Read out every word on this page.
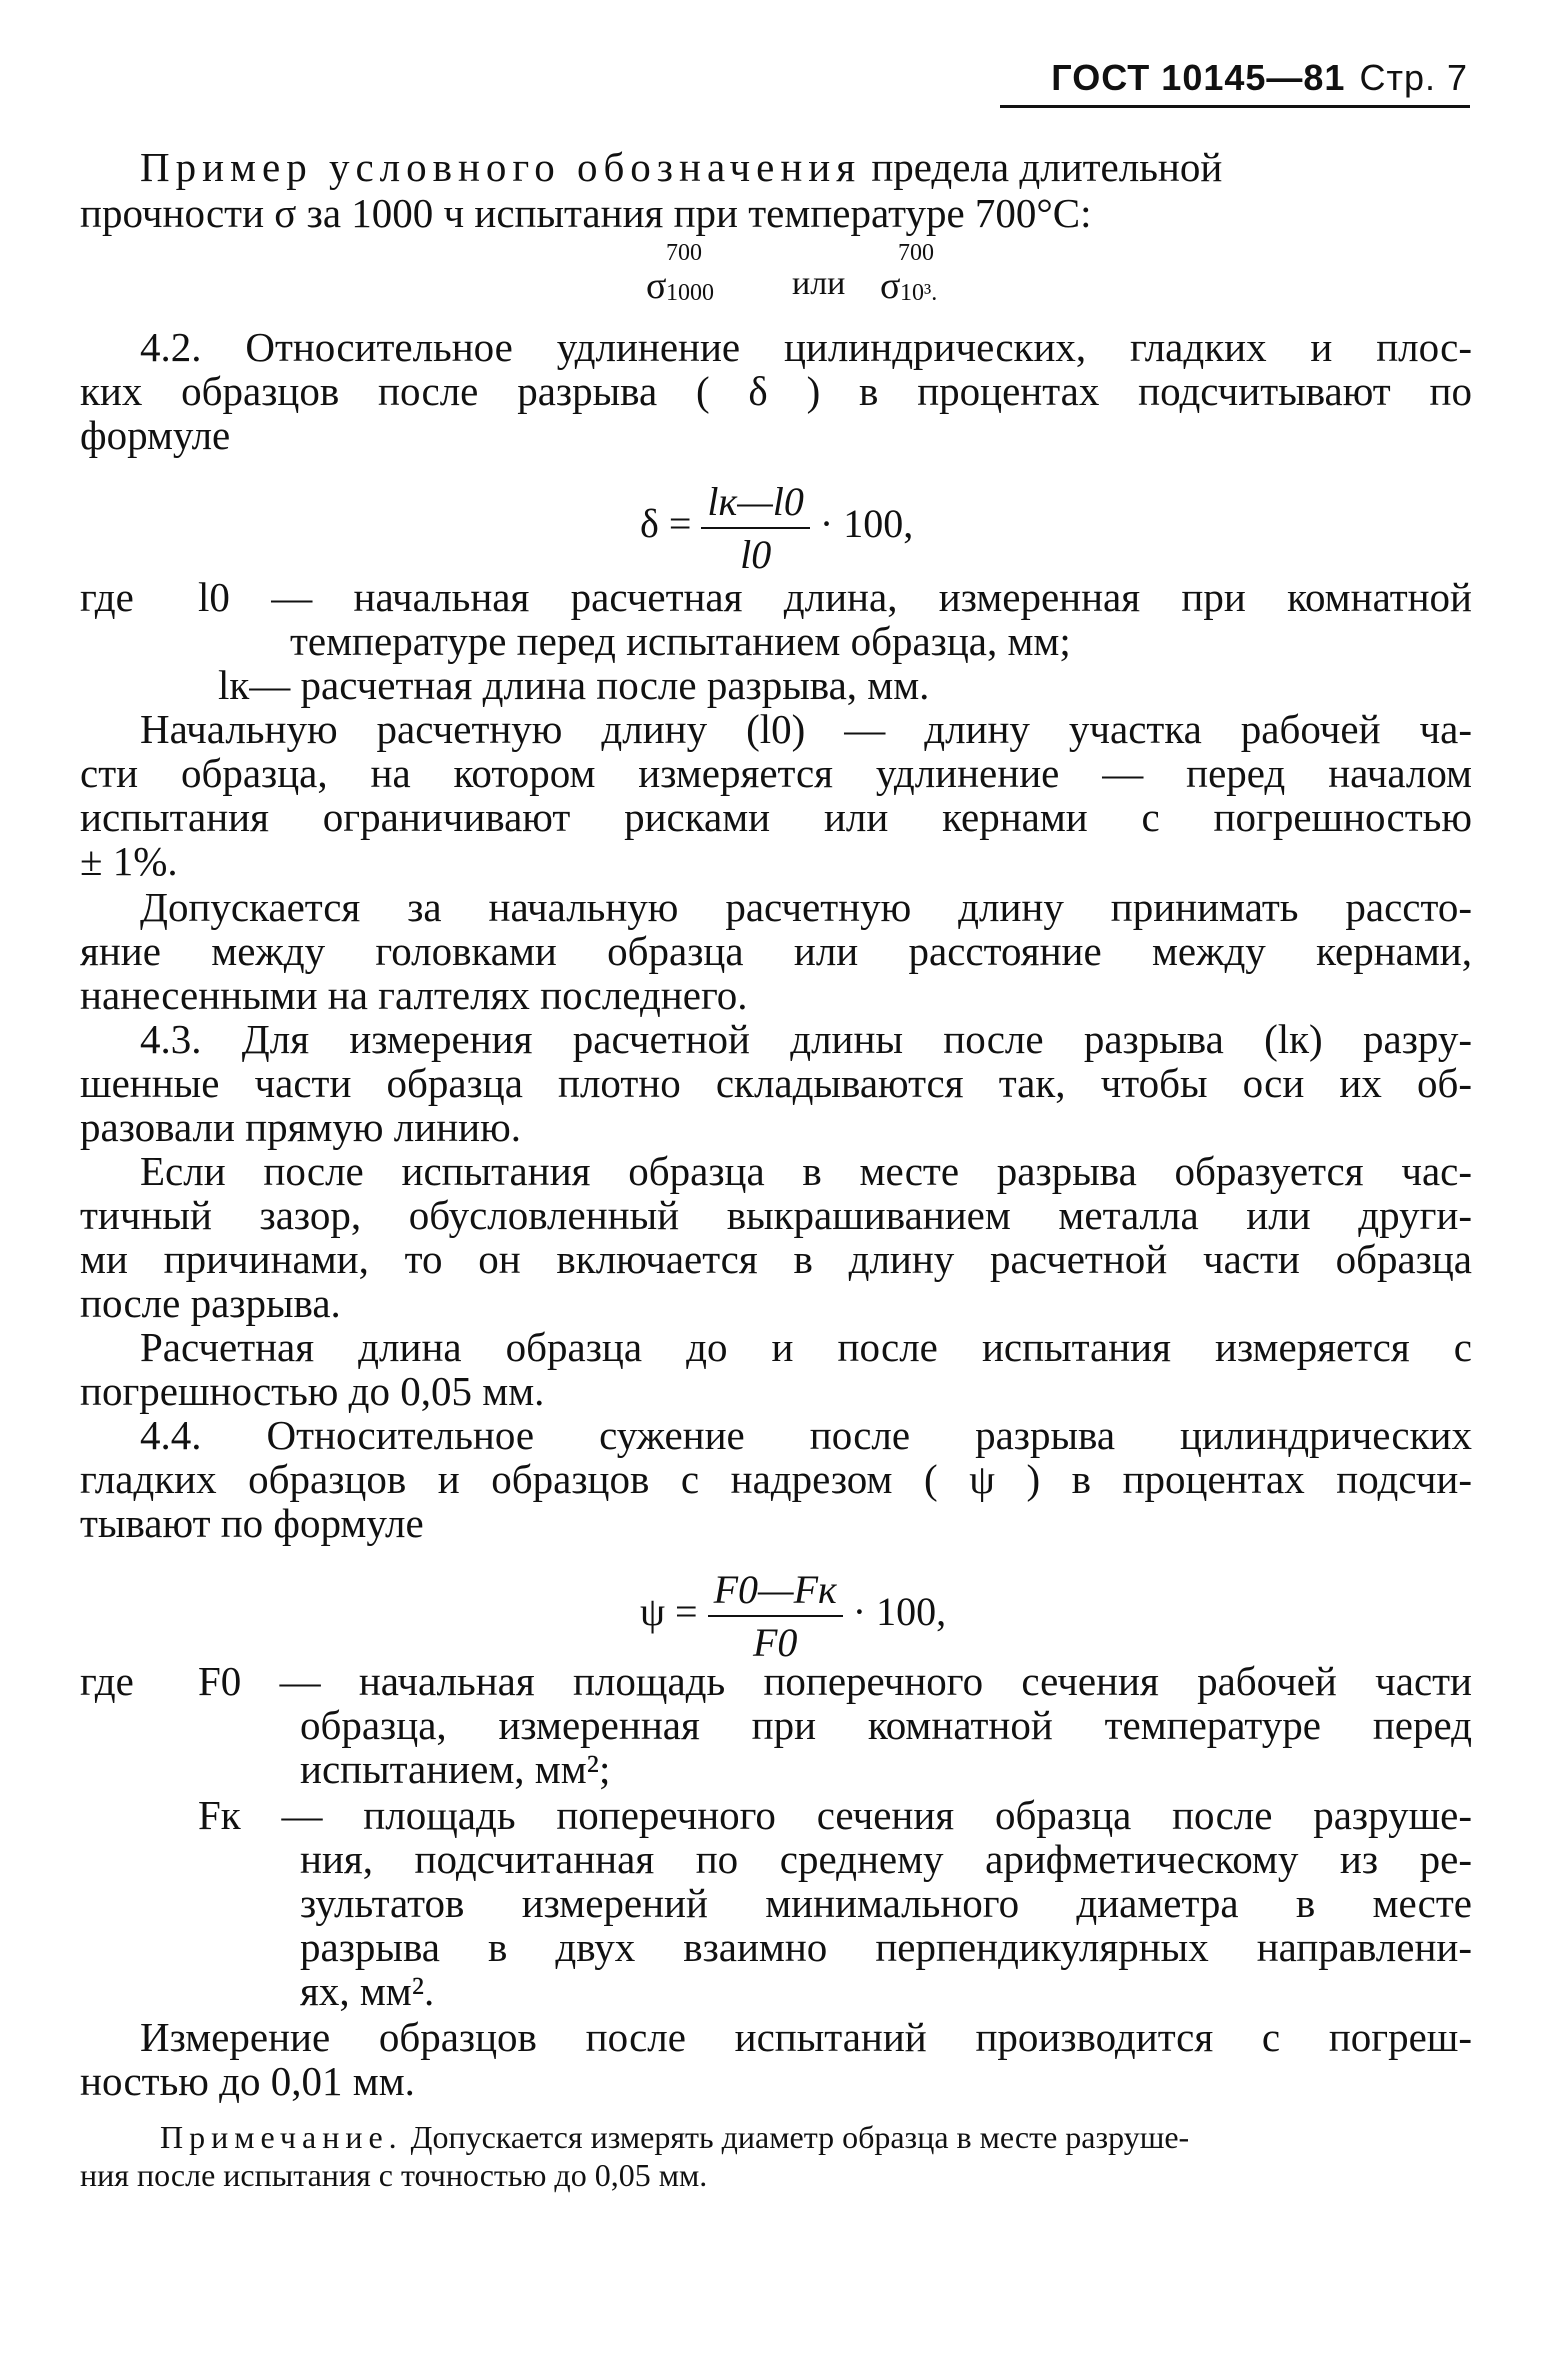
ГОСТ 10145—81 Стр. 7
Пример условного обозначения предела длительной
прочности σ за 1000 ч испытания при температуре 700°С:
700
σ 1000 или
700
σ 10³.
4.2. Относительное удлинение цилиндрических, гладких и плос-
ких образцов после разрыва ( δ ) в процентах подсчитывают по
формуле
$\delta = \frac{lк—l0}{l0} \cdot 100$,
где l0 — начальная расчетная длина, измеренная при комнатной
температуре перед испытанием образца, мм;
lк— расчетная длина после разрыва, мм.
Начальную расчетную длину (l0) — длину участка рабочей ча-
сти образца, на котором измеряется удлинение — перед началом
испытания ограничивают рисками или кернами с погрешностью
± 1%.
Допускается за начальную расчетную длину принимать рассто-
яние между головками образца или расстояние между кернами,
нанесенными на галтелях последнего.
4.3. Для измерения расчетной длины после разрыва (lк) разру-
шенные части образца плотно складываются так, чтобы оси их об-
разовали прямую линию.
Если после испытания образца в месте разрыва образуется час-
тичный зазор, обусловленный выкрашиванием металла или други-
ми причинами, то он включается в длину расчетной части образца
после разрыва.
Расчетная длина образца до и после испытания измеряется с
погрешностью до 0,05 мм.
4.4. Относительное сужение после разрыва цилиндрических
гладких образцов и образцов с надрезом ( ψ ) в процентах подсчи-
тывают по формуле
$\psi = \frac{F0—Fк}{F0} \cdot 100$,
где F0 — начальная площадь поперечного сечения рабочей части
образца, измеренная при комнатной температуре перед
испытанием, мм²;
Fк — площадь поперечного сечения образца после разруше-
ния, подсчитанная по среднему арифметическому из ре-
зультатов измерений минимального диаметра в месте
разрыва в двух взаимно перпендикулярных направлени-
ях, мм².
Измерение образцов после испытаний производится с погреш-
ностью до 0,01 мм.
Примечание. Допускается измерять диаметр образца в месте разруше-
ния после испытания с точностью до 0,05 мм.
